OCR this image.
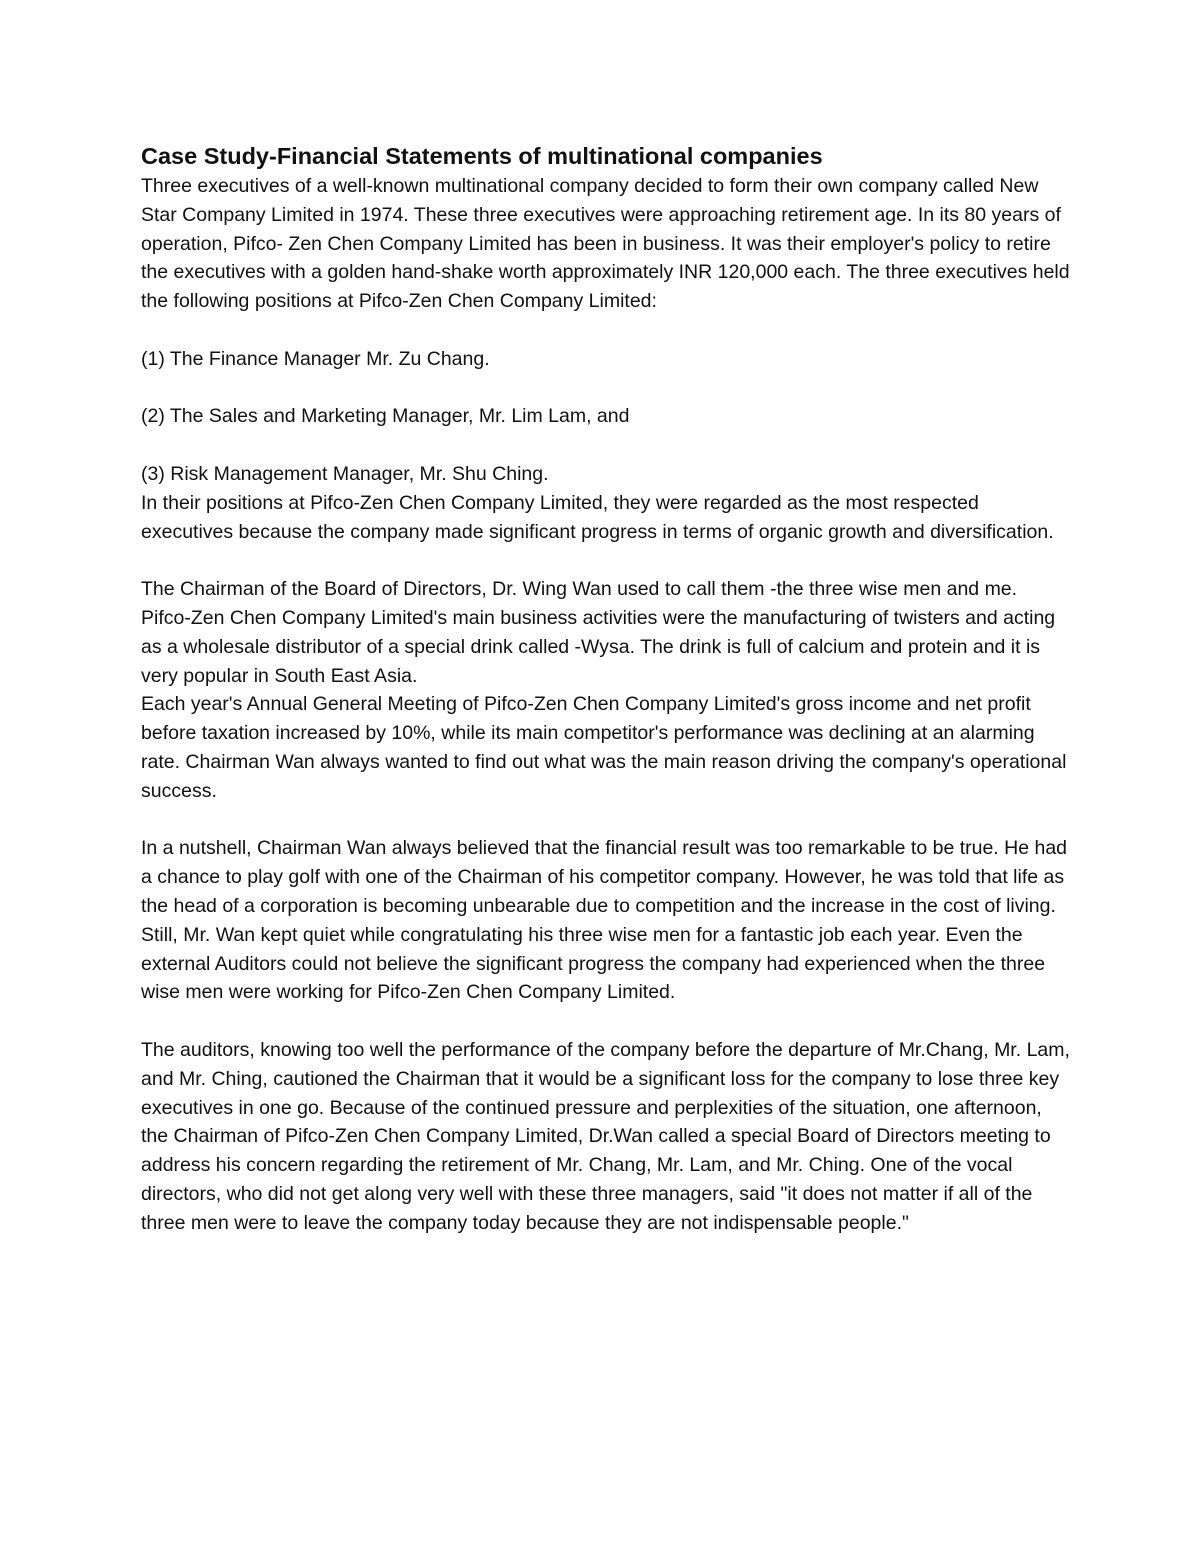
Case Study-Financial Statements of multinational companies

Three executives of a well-known multinational company decided to form their own company called New Star Company Limited in 1974. These three executives were approaching retirement age. In its 80 years of operation, Pifco- Zen Chen Company Limited has been in business. It was their employer's policy to retire the executives with a golden hand-shake worth approximately INR 120,000 each. The three executives held the following positions at Pifco-Zen Chen Company Limited:

(1) The Finance Manager Mr. Zu Chang.

(2) The Sales and Marketing Manager, Mr. Lim Lam, and

(3) Risk Management Manager, Mr. Shu Ching.

In their positions at Pifco-Zen Chen Company Limited, they were regarded as the most respected executives because the company made significant progress in terms of organic growth and diversification.

The Chairman of the Board of Directors, Dr. Wing Wan used to call them -the three wise men and me. Pifco-Zen Chen Company Limited's main business activities were the manufacturing of twisters and acting as a wholesale distributor of a special drink called -Wysa. The drink is full of calcium and protein and it is very popular in South East Asia.

Each year's Annual General Meeting of Pifco-Zen Chen Company Limited's gross income and net profit before taxation increased by 10%, while its main competitor's performance was declining at an alarming rate. Chairman Wan always wanted to find out what was the main reason driving the company's operational success.

In a nutshell, Chairman Wan always believed that the financial result was too remarkable to be true. He had a chance to play golf with one of the Chairman of his competitor company. However, he was told that life as the head of a corporation is becoming unbearable due to competition and the increase in the cost of living. Still, Mr. Wan kept quiet while congratulating his three wise men for a fantastic job each year. Even the external Auditors could not believe the significant progress the company had experienced when the three wise men were working for Pifco-Zen Chen Company Limited.

The auditors, knowing too well the performance of the company before the departure of Mr.Chang, Mr. Lam, and Mr. Ching, cautioned the Chairman that it would be a significant loss for the company to lose three key executives in one go. Because of the continued pressure and perplexities of the situation, one afternoon, the Chairman of Pifco-Zen Chen Company Limited, Dr.Wan called a special Board of Directors meeting to address his concern regarding the retirement of Mr. Chang, Mr. Lam, and Mr. Ching. One of the vocal directors, who did not get along very well with these three managers, said "it does not matter if all of the three men were to leave the company today because they are not indispensable people."
